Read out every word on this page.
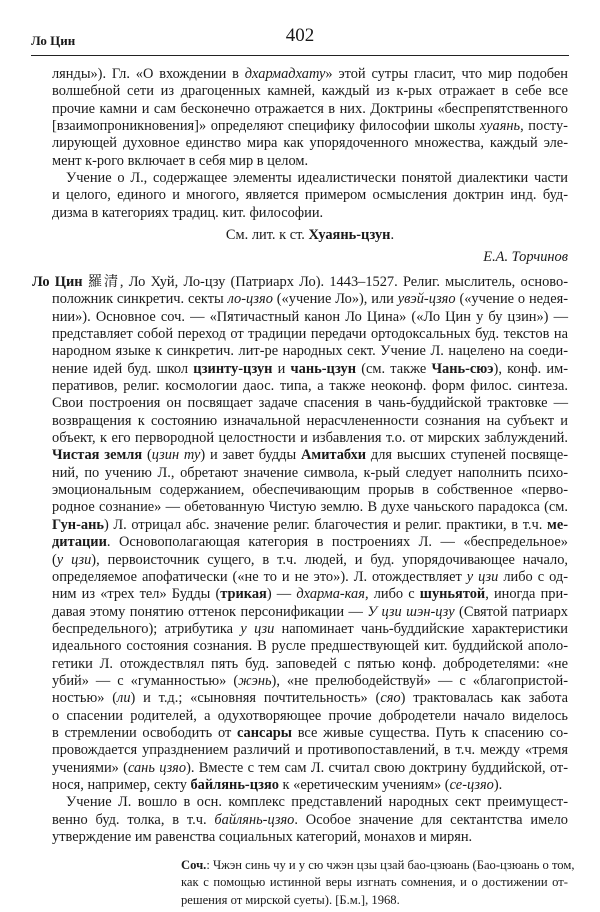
Ло Цин	402
лянды»). Гл. «О вхождении в дхармадхату» этой сутры гласит, что мир подобен
волшебной сети из драгоценных камней, каждый из к-рых отражает в себе все
прочие камни и сам бесконечно отражается в них. Доктрины «беспрепятственного
[взаимопроникновения]» определяют специфику философии школы хуаянь, посту-
лирующей духовное единство мира как упорядоченного множества, каждый эле-
мент к-рого включает в себя мир в целом.
Учение о Л., содержащее элементы идеалистически понятой диалектики части
и целого, единого и многого, является примером осмысления доктрин инд. буд-
дизма в категориях традиц. кит. философии.
См. лит. к ст. Хуаянь-цзун.
Е.А. Торчинов
Ло Цин 羅清, Ло Хуй, Ло-цзу (Патриарх Ло). 1443–1527. Религ. мыслитель, осново-
положник синкретич. секты ло-цзяо («учение Ло»), или увэй-цзяо («учение о недея-
нии»). Основное соч. — «Пятичастный канон Ло Цина» («Ло Цин у бу цзин») —
представляет собой переход от традиции передачи ортодоксальных буд. текстов на
народном языке к синкретич. лит-ре народных сект. Учение Л. нацелено на соеди-
нение идей буд. школ цзинту-цзун и чань-цзун (см. также Чань-сюэ), конф. им-
перативов, религ. космологии даос. типа, а также неоконф. форм филос. синтеза.
Свои построения он посвящает задаче спасения в чань-буддийской трактовке —
возвращения к состоянию изначальной нерасчлененности сознания на субъект и
объект, к его первородной целостности и избавления т.о. от мирских заблуждений.
Чистая земля (цзин ту) и завет будды Амитабхи для высших ступеней посвяще-
ний, по учению Л., обретают значение символа, к-рый следует наполнить психо-
эмоциональным содержанием, обеспечивающим прорыв в собственное «перво-
родное сознание» — обетованную Чистую землю. В духе чаньского парадокса (см.
Гун-ань) Л. отрицал абс. значение религ. благочестия и религ. практики, в т.ч. ме-
дитации. Основополагающая категория в построениях Л. — «беспредельное»
(у цзи), первоисточник сущего, в т.ч. людей, и буд. упорядочивающее начало,
определяемое апофатически («не то и не это»). Л. отождествляет у цзи либо с од-
ним из «трех тел» Будды (трикая) — дхарма-кая, либо с шуньятой, иногда при-
давая этому понятию оттенок персонификации — У цзи шэн-цзу (Святой патриарх
беспредельного); атрибутика у цзи напоминает чань-буддийские характеристики
идеального состояния сознания. В русле предшествующей кит. буддийской аполо-
гетики Л. отождествлял пять буд. заповедей с пятью конф. добродетелями: «не
убий» — с «гуманностью» (жэнь), «не прелюбодействуй» — с «благопристой-
ностью» (ли) и т.д.; «сыновняя почтительность» (сяо) трактовалась как забота
о спасении родителей, а одухотворяющее прочие добродетели начало виделось
в стремлении освободить от сансары все живые существа. Путь к спасению со-
провождается упразднением различий и противопоставлений, в т.ч. между «тремя
учениями» (сань цзяо). Вместе с тем сам Л. считал свою доктрину буддийской, от-
нося, например, секту байлянь-цзяо к «еретическим учениям» (се-цзяо).
Учение Л. вошло в осн. комплекс представлений народных сект преимущест-
венно буд. толка, в т.ч. байлянь-цзяо. Особое значение для сектантства имело
утверждение им равенства социальных категорий, монахов и мирян.
Соч.: Чжэн синь чу и у сю чжэн цзы цзай бао-цзюань (Бао-цзюань о том,
как с помощью истинной веры изгнать сомнения, и о достижении от-
решения от мирской суеты). [Б.м.], 1968.
